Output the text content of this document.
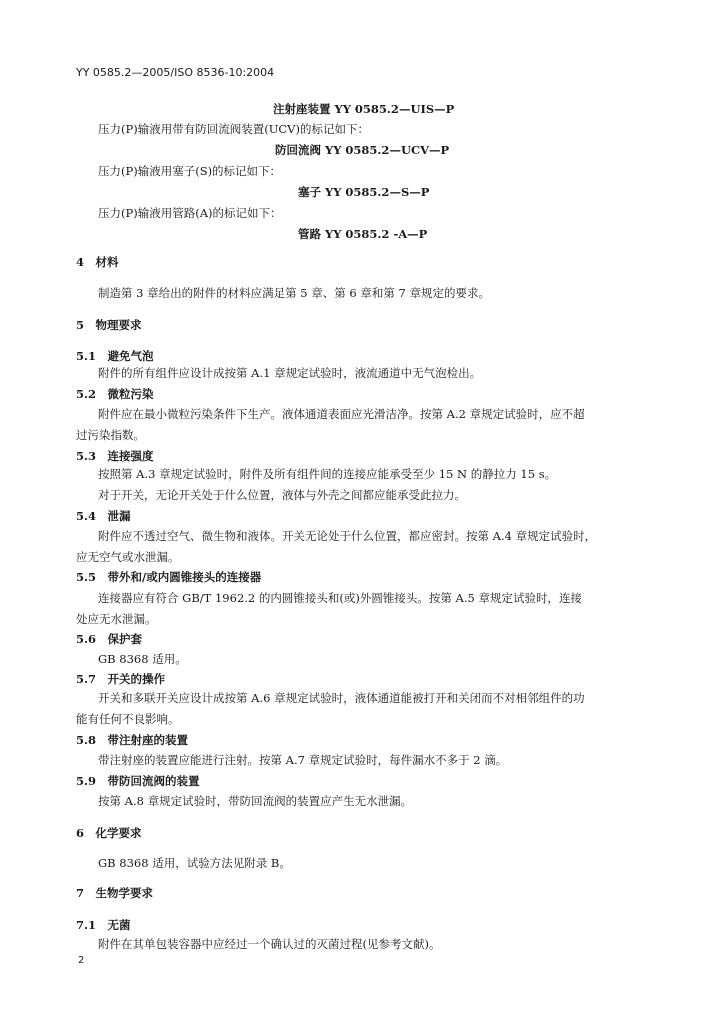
YY 0585.2—2005/ISO 8536-10:2004
注射座装置 YY 0585.2—UIS—P
压力(P)输液用带有防回流阀装置(UCV)的标记如下：
防回流阀 YY 0585.2—UCV—P
压力(P)输液用塞子(S)的标记如下：
塞子 YY 0585.2—S—P
压力(P)输液用管路(A)的标记如下：
管路 YY 0585.2 -A—P
4　材料
制造第 3 章给出的附件的材料应满足第 5 章、第 6 章和第 7 章规定的要求。
5　物理要求
5.1　避免气泡
附件的所有组件应设计成按第 A.1 章规定试验时，液流通道中无气泡检出。
5.2　微粒污染
附件应在最小微粒污染条件下生产。液体通道表面应光滑洁净。按第 A.2 章规定试验时，应不超
过污染指数。
5.3　连接强度
按照第 A.3 章规定试验时，附件及所有组件间的连接应能承受至少 15 N 的静拉力 15 s。
对于开关，无论开关处于什么位置，液体与外壳之间都应能承受此拉力。
5.4　泄漏
附件应不透过空气、微生物和液体。开关无论处于什么位置，都应密封。按第 A.4 章规定试验时，
应无空气或水泄漏。
5.5　带外和/或内圆锥接头的连接器
连接器应有符合 GB/T 1962.2 的内圆锥接头和(或)外圆锥接头。按第 A.5 章规定试验时，连接
处应无水泄漏。
5.6　保护套
GB 8368 适用。
5.7　开关的操作
开关和多联开关应设计成按第 A.6 章规定试验时，液体通道能被打开和关闭而不对相邻组件的功
能有任何不良影响。
5.8　带注射座的装置
带注射座的装置应能进行注射。按第 A.7 章规定试验时，每件漏水不多于 2 滴。
5.9　带防回流阀的装置
按第 A.8 章规定试验时，带防回流阀的装置应产生无水泄漏。
6　化学要求
GB 8368 适用，试验方法见附录 B。
7　生物学要求
7.1　无菌
附件在其单包装容器中应经过一个确认过的灭菌过程(见参考文献)。
2
